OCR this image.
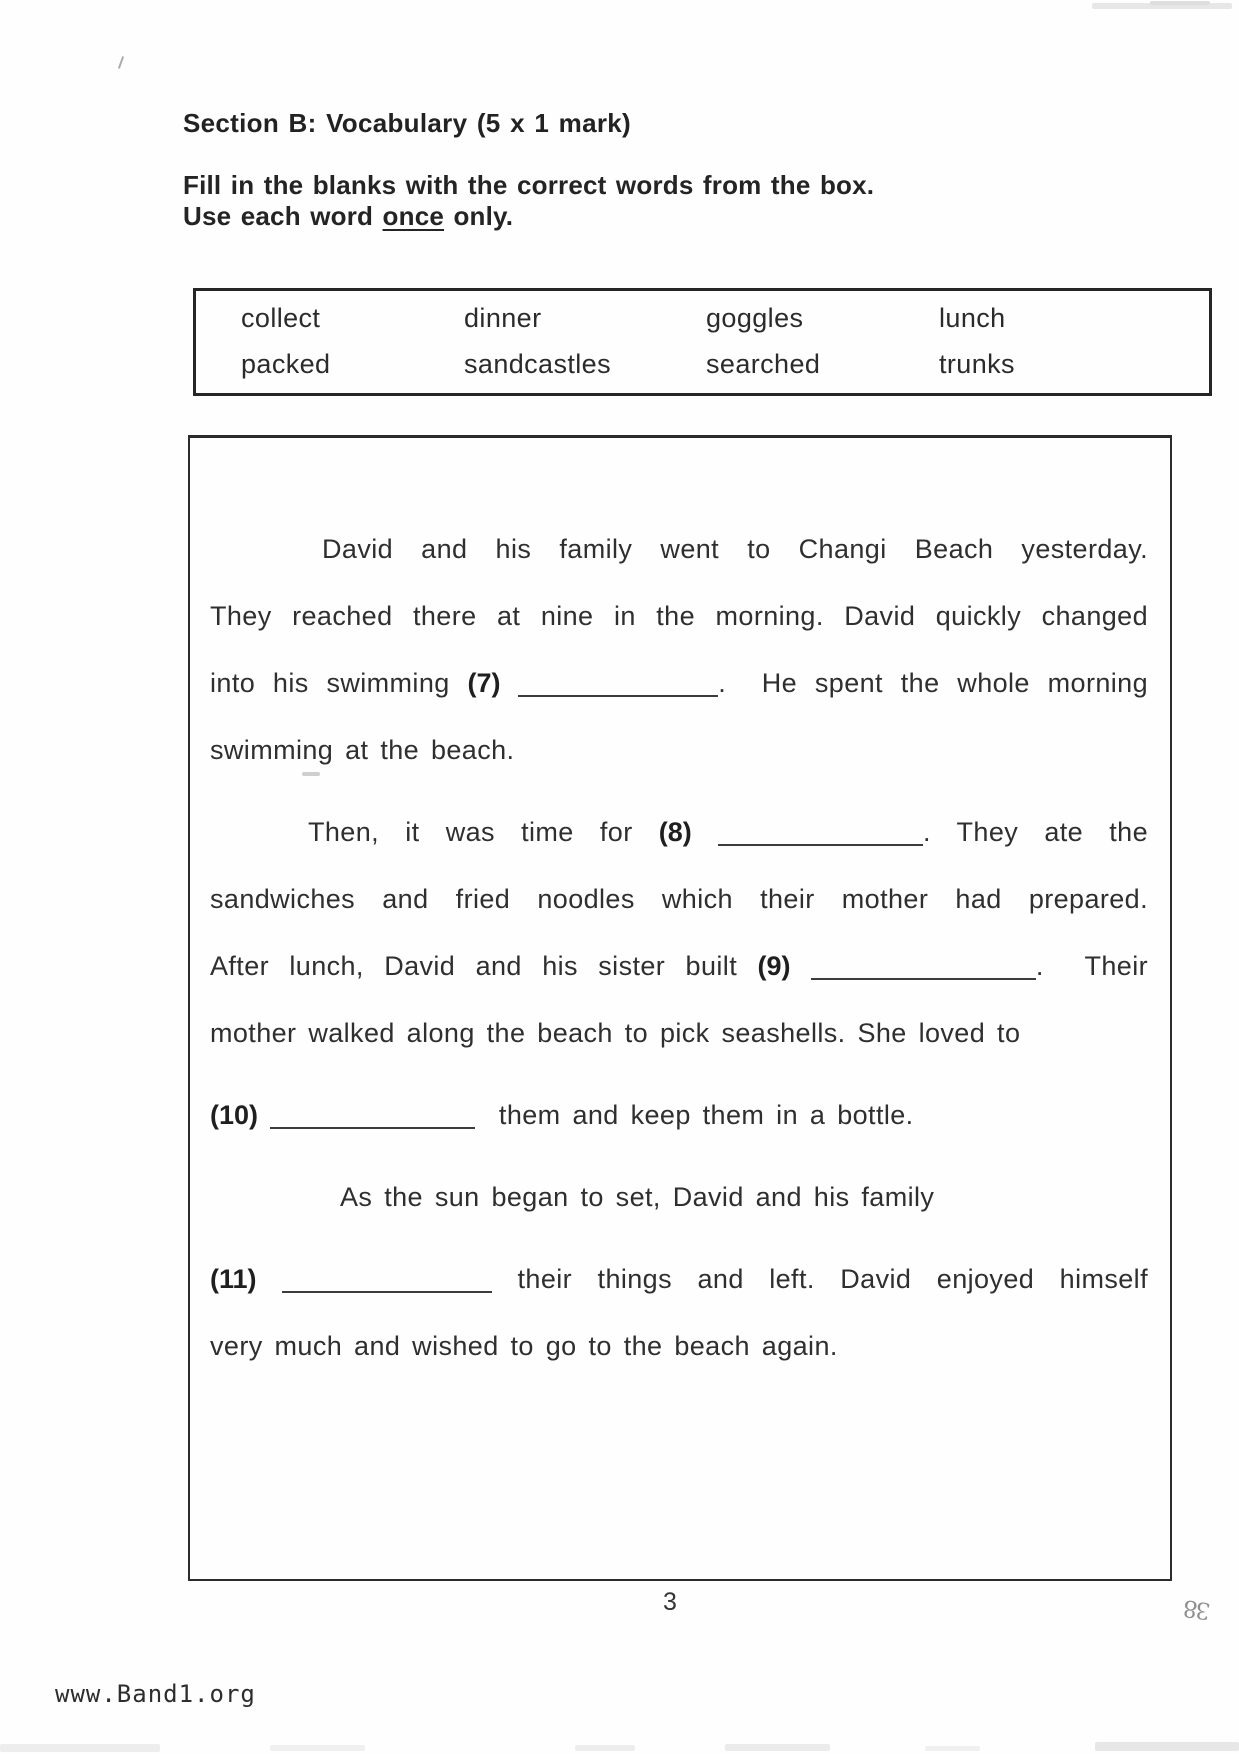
Section B: Vocabulary (5 x 1 mark)
Fill in the blanks with the correct words from the box.
Use each word once only.
collect	dinner	goggles	lunch
packed	sandcastles	searched	trunks
David and his family went to Changi Beach yesterday.
They reached there at nine in the morning. David quickly changed
into his swimming (7)	.  He spent the whole morning
swimming at the beach.
Then, it was time for (8)	. They ate the
sandwiches and fried noodles which their mother had prepared.
After lunch, David and his sister built (9)	.  Their
mother walked along the beach to pick seashells. She loved to
(10)	them and keep them in a bottle.
As the sun began to set, David and his family
(11)	their things and left. David enjoyed himself
very much and wished to go to the beach again.
3	38
www.Band1.org
